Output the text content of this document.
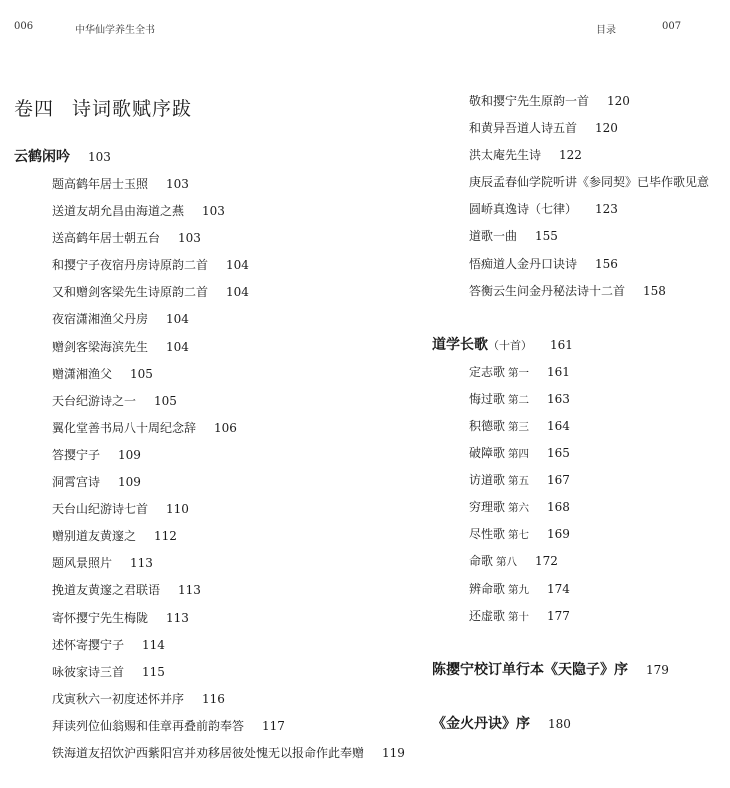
006	中华仙学养生全书	目录	007
卷四 诗词歌赋序跋
云鹤闲吟 103
题高鹤年居士玉照 103
送道友胡允昌由海道之燕 103
送高鹤年居士朝五台 103
和撄宁子夜宿丹房诗原韵二首 104
又和赠剑客梁先生诗原韵二首 104
夜宿潇湘渔父丹房 104
赠剑客梁海滨先生 104
赠潇湘渔父 105
天台纪游诗之一 105
翼化堂善书局八十周纪念辞 106
答撄宁子 109
洞霄宫诗 109
天台山纪游诗七首 110
赠别道友黄邃之 112
题风景照片 113
挽道友黄邃之君联语 113
寄怀撄宁先生梅陇 113
述怀寄撄宁子 114
咏彼家诗三首 115
戊寅秋六一初度述怀并序 116
拜读列位仙翁赐和佳章再叠前韵奉答 117
铁海道友招饮沪西紫阳宫并劝移居彼处愧无以报命作此奉赠 119
敬和撄宁先生原韵一首 120
和黄异吾道人诗五首 120
洪太庵先生诗 122
庚辰孟春仙学院听讲《参同契》已毕作歌见意
圆峤真逸诗（七律） 123
道歌一曲 155
悟痴道人金丹口诀诗 156
答衡云生问金丹秘法诗十二首 158
道学长歌（十首） 161
定志歌 第一 161
悔过歌 第二 163
积德歌 第三 164
破障歌 第四 165
访道歌 第五 167
穷理歌 第六 168
尽性歌 第七 169
命歌 第八 172
辨命歌 第九 174
还虚歌 第十 177
陈撄宁校订单行本《天隐子》序 179
《金火丹诀》序 180
